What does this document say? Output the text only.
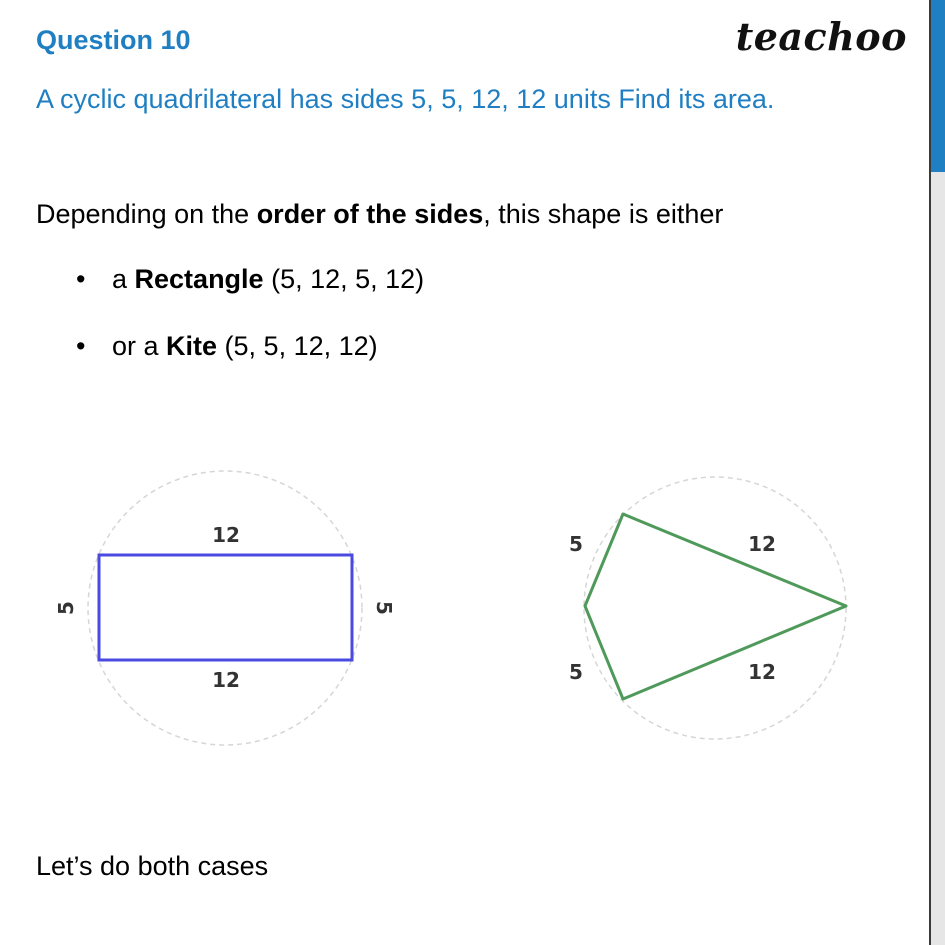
Question 10	teachoo
A cyclic quadrilateral has sides 5, 5, 12, 12 units Find its area.
Depending on the order of the sides, this shape is either
• a Rectangle (5, 12, 5, 12)
• or a Kite (5, 5, 12, 12)
12
12
5	5
5
5
12
12
Let’s do both cases
